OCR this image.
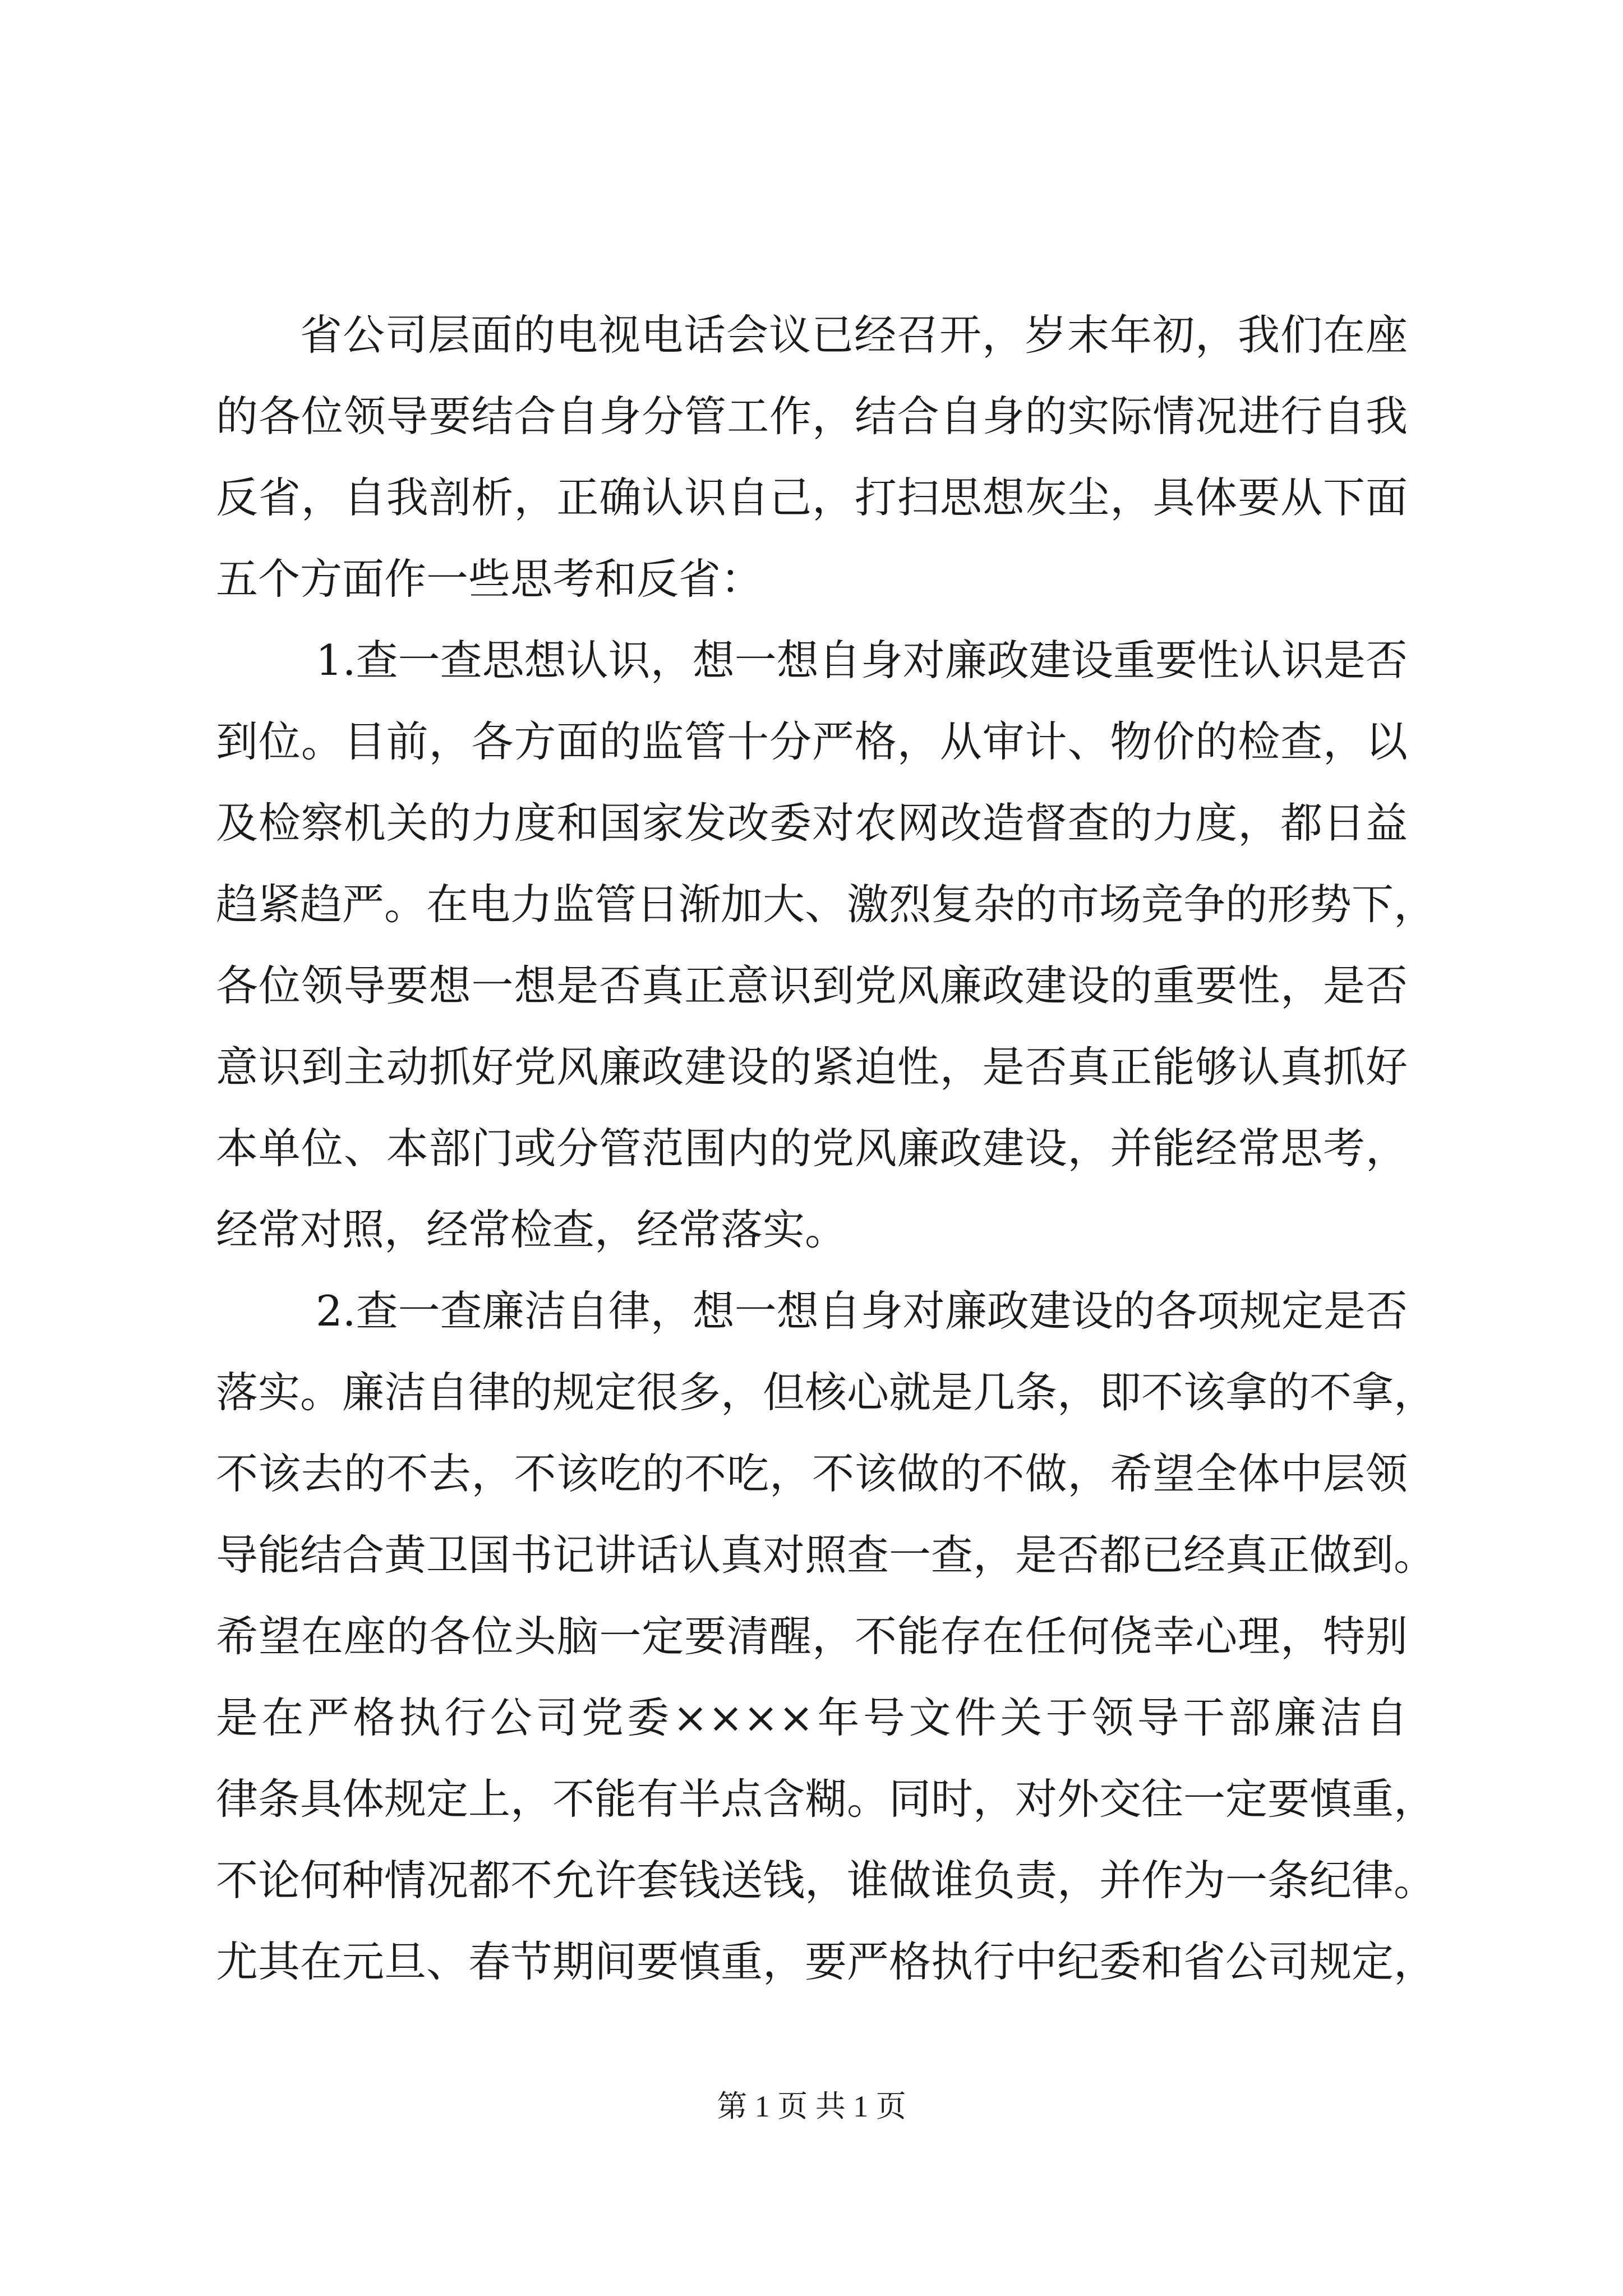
省公司层面的电视电话会议已经召开，岁末年初，我们在座
的各位领导要结合自身分管工作，结合自身的实际情况进行自我
反省，自我剖析，正确认识自己，打扫思想灰尘，具体要从下面
五个方面作一些思考和反省：
1.查一查思想认识，想一想自身对廉政建设重要性认识是否
到位。目前，各方面的监管十分严格，从审计、物价的检查，以
及检察机关的力度和国家发改委对农网改造督查的力度，都日益
趋紧趋严。在电力监管日渐加大、激烈复杂的市场竞争的形势下，
各位领导要想一想是否真正意识到党风廉政建设的重要性，是否
意识到主动抓好党风廉政建设的紧迫性，是否真正能够认真抓好
本单位、本部门或分管范围内的党风廉政建设，并能经常思考，
经常对照，经常检查，经常落实。
2.查一查廉洁自律，想一想自身对廉政建设的各项规定是否
落实。廉洁自律的规定很多，但核心就是几条，即不该拿的不拿，
不该去的不去，不该吃的不吃，不该做的不做，希望全体中层领
导能结合黄卫国书记讲话认真对照查一查，是否都已经真正做到。
希望在座的各位头脑一定要清醒，不能存在任何侥幸心理，特别
是在严格执行公司党委××××年号文件关于领导干部廉洁自
律条具体规定上，不能有半点含糊。同时，对外交往一定要慎重，
不论何种情况都不允许套钱送钱，谁做谁负责，并作为一条纪律。
尤其在元旦、春节期间要慎重，要严格执行中纪委和省公司规定，
第 1 页 共 1 页
